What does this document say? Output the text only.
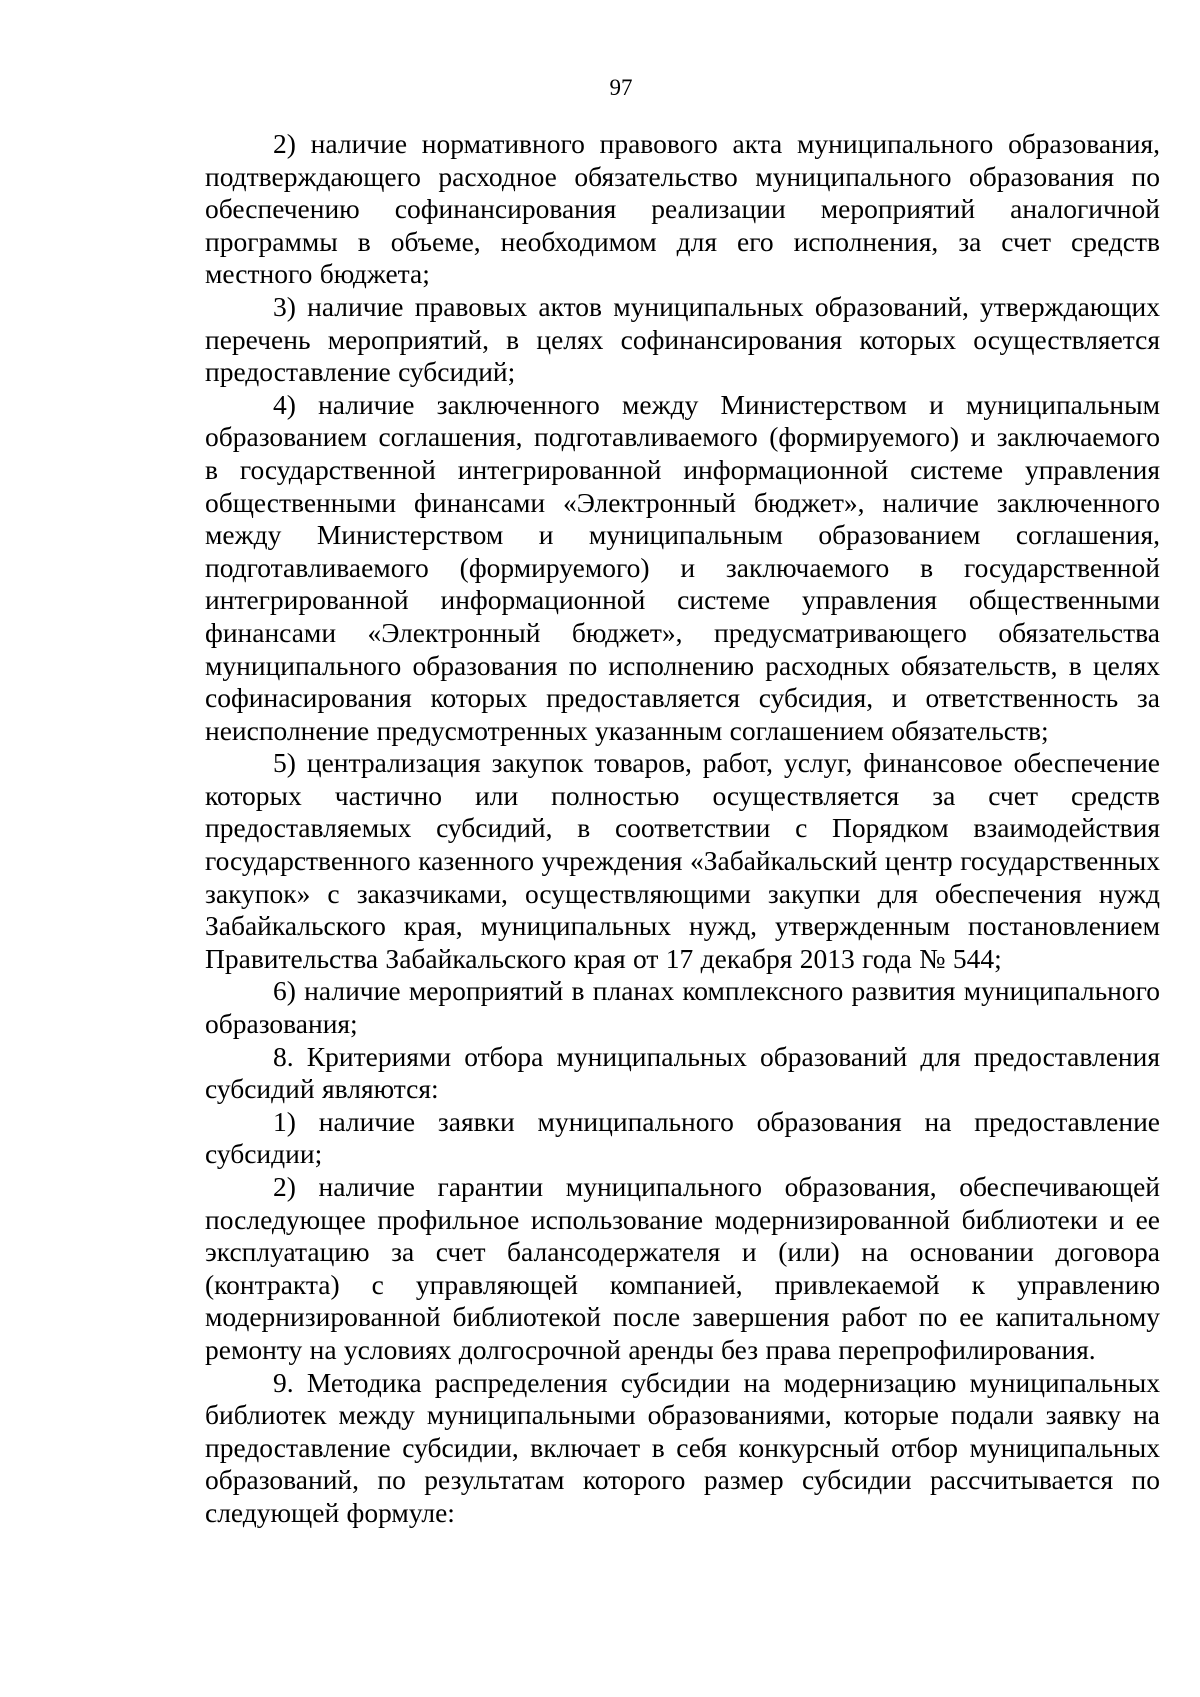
97

2) наличие нормативного правового акта муниципального образования, подтверждающего расходное обязательство муниципального образования по обеспечению софинансирования реализации мероприятий аналогичной программы в объеме, необходимом для его исполнения, за счет средств местного бюджета;

3) наличие правовых актов муниципальных образований, утверждающих перечень мероприятий, в целях софинансирования которых осуществляется предоставление субсидий;

4) наличие заключенного между Министерством и муниципальным образованием соглашения, подготавливаемого (формируемого) и заключаемого в государственной интегрированной информационной системе управления общественными финансами «Электронный бюджет», наличие заключенного между Министерством и муниципальным образованием соглашения, подготавливаемого (формируемого) и заключаемого в государственной интегрированной информационной системе управления общественными финансами «Электронный бюджет», предусматривающего обязательства муниципального образования по исполнению расходных обязательств, в целях софинасирования которых предоставляется субсидия, и ответственность за неисполнение предусмотренных указанным соглашением обязательств;

5) централизация закупок товаров, работ, услуг, финансовое обеспечение которых частично или полностью осуществляется за счет средств предоставляемых субсидий, в соответствии с Порядком взаимодействия государственного казенного учреждения «Забайкальский центр государственных закупок» с заказчиками, осуществляющими закупки для обеспечения нужд Забайкальского края, муниципальных нужд, утвержденным постановлением Правительства Забайкальского края от 17 декабря 2013 года № 544;

6) наличие мероприятий в планах комплексного развития муниципального образования;

8. Критериями отбора муниципальных образований для предоставления субсидий являются:

1) наличие заявки муниципального образования на предоставление субсидии;

2) наличие гарантии муниципального образования, обеспечивающей последующее профильное использование модернизированной библиотеки и ее эксплуатацию за счет балансодержателя и (или) на основании договора (контракта) с управляющей компанией, привлекаемой к управлению модернизированной библиотекой после завершения работ по ее капитальному ремонту на условиях долгосрочной аренды без права перепрофилирования.

9. Методика распределения субсидии на модернизацию муниципальных библиотек между муниципальными образованиями, которые подали заявку на предоставление субсидии, включает в себя конкурсный отбор муниципальных образований, по результатам которого размер субсидии рассчитывается по следующей формуле:
